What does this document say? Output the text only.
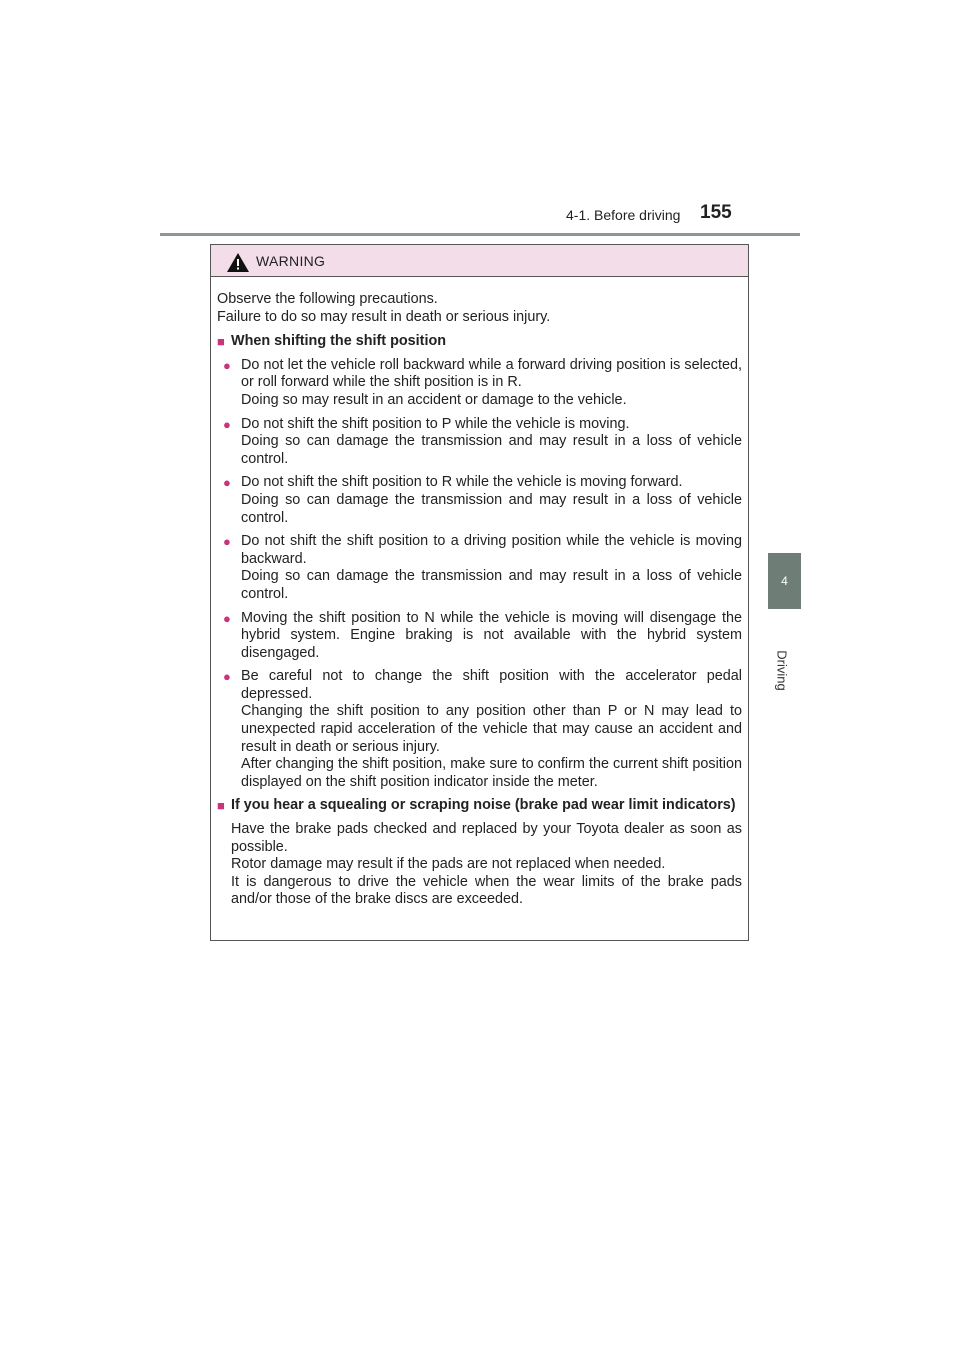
4-1. Before driving 155
4
Driving
WARNING

Observe the following precautions.

Failure to do so may result in death or serious injury.

■ When shifting the shift position
● Do not let the vehicle roll backward while a forward driving position is selected, or roll forward while the shift position is in R.

Doing so may result in an accident or damage to the vehicle.

● Do not shift the shift position to P while the vehicle is moving.

Doing so can damage the transmission and may result in a loss of vehicle control.

● Do not shift the shift position to R while the vehicle is moving forward.

Doing so can damage the transmission and may result in a loss of vehicle control.

● Do not shift the shift position to a driving position while the vehicle is moving backward.

Doing so can damage the transmission and may result in a loss of vehicle control.

● Moving the shift position to N while the vehicle is moving will disengage the hybrid system. Engine braking is not available with the hybrid system disengaged.

● Be careful not to change the shift position with the accelerator pedal depressed.

Changing the shift position to any position other than P or N may lead to unexpected rapid acceleration of the vehicle that may cause an accident and result in death or serious injury.

After changing the shift position, make sure to confirm the current shift position displayed on the shift position indicator inside the meter.

■ If you hear a squealing or scraping noise (brake pad wear limit indicators)

Have the brake pads checked and replaced by your Toyota dealer as soon as possible.

Rotor damage may result if the pads are not replaced when needed.

It is dangerous to drive the vehicle when the wear limits of the brake pads and/or those of the brake discs are exceeded.
